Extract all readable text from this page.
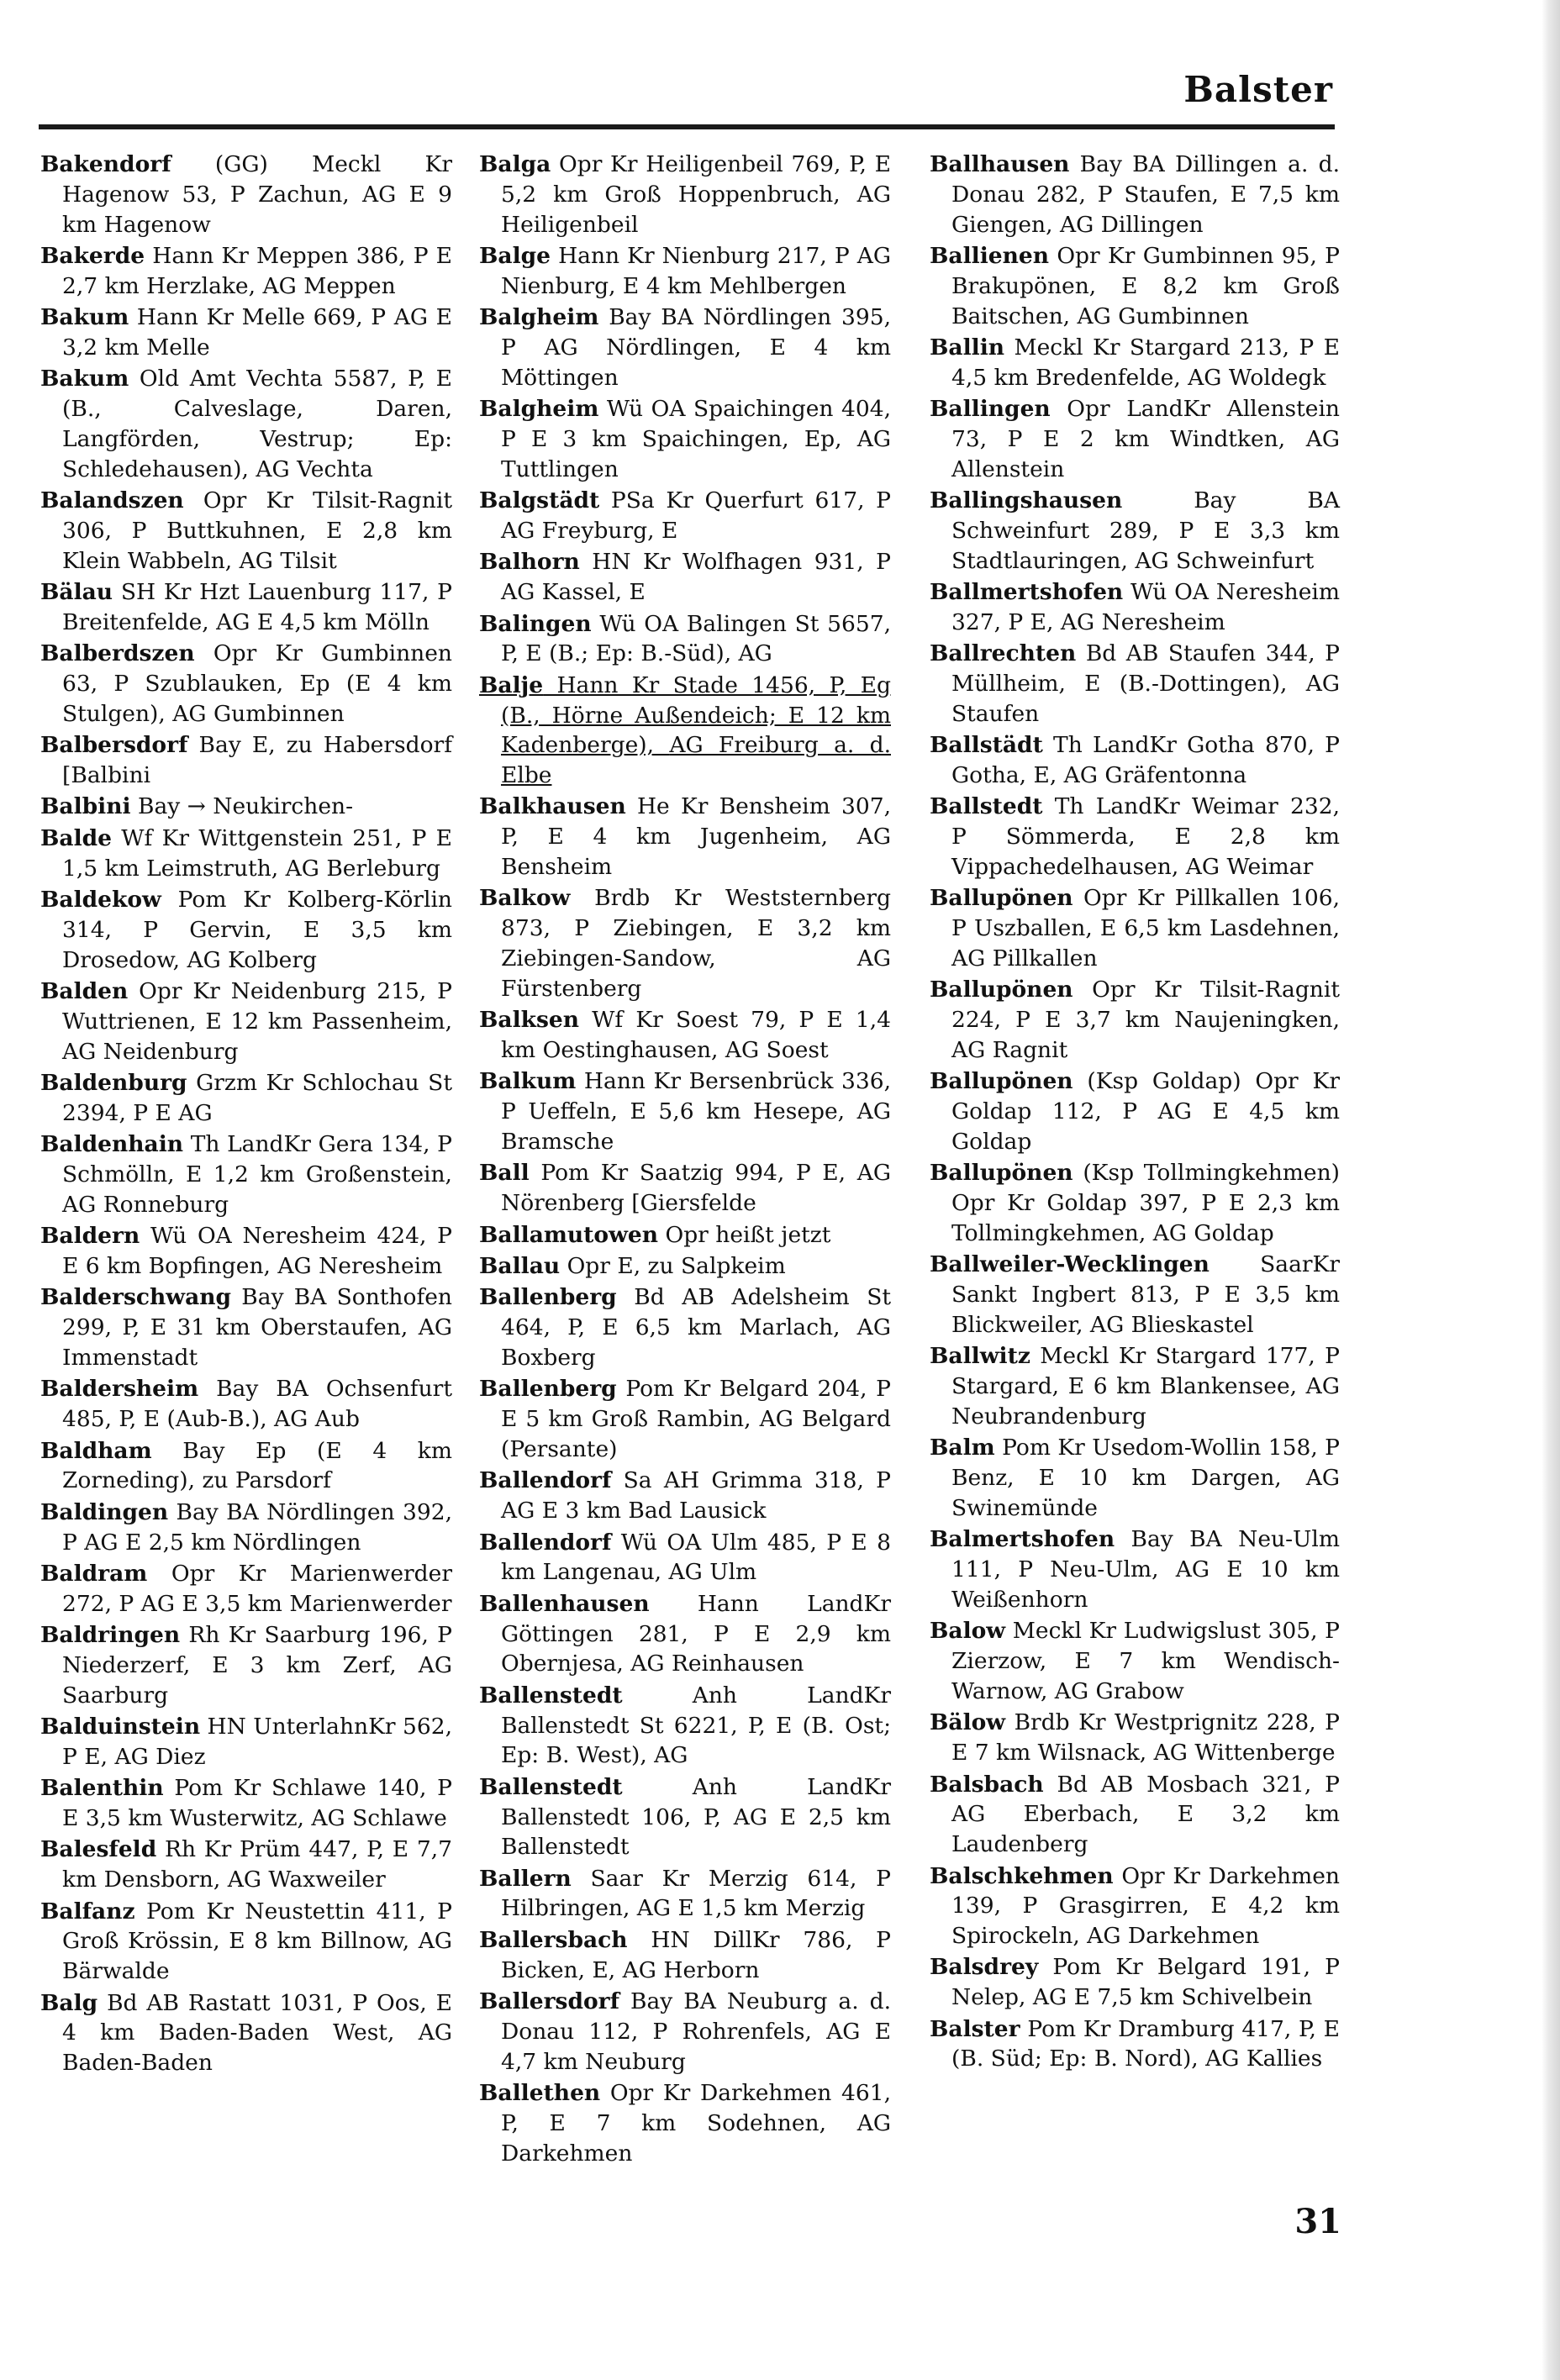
Balster

Bakendorf (GG) Meckl Kr Hagenow 53, P Zachun, AG E 9 km Hagenow

Bakerde Hann Kr Meppen 386, P E 2,7 km Herzlake, AG Meppen

Bakum Hann Kr Melle 669, P AG E 3,2 km Melle

Bakum Old Amt Vechta 5587, P, E (B., Calveslage, Daren, Langförden, Vestrup; Ep: Schledehausen), AG Vechta

Balandszen Opr Kr Tilsit-Ragnit 306, P Buttkuhnen, E 2,8 km Klein Wabbeln, AG Tilsit

Bälau SH Kr Hzt Lauenburg 117, P Breitenfelde, AG E 4,5 km Mölln

Balberdszen Opr Kr Gumbinnen 63, P Szublauken, Ep (E 4 km Stulgen), AG Gumbinnen

Balbersdorf Bay E, zu Habersdorf [Balbini

Balbini Bay → Neukirchen-

Balde Wf Kr Wittgenstein 251, P E 1,5 km Leimstruth, AG Berleburg

Baldekow Pom Kr Kolberg-Körlin 314, P Gervin, E 3,5 km Drosedow, AG Kolberg

Balden Opr Kr Neidenburg 215, P Wuttrienen, E 12 km Passenheim, AG Neidenburg

Baldenburg Grzm Kr Schlochau St 2394, P E AG

Baldenhain Th LandKr Gera 134, P Schmölln, E 1,2 km Großenstein, AG Ronneburg

Baldern Wü OA Neresheim 424, P E 6 km Bopfingen, AG Neresheim

Balderschwang Bay BA Sonthofen 299, P, E 31 km Oberstaufen, AG Immenstadt

Baldersheim Bay BA Ochsenfurt 485, P, E (Aub-B.), AG Aub

Baldham Bay Ep (E 4 km Zorneding), zu Parsdorf

Baldingen Bay BA Nördlingen 392, P AG E 2,5 km Nördlingen

Baldram Opr Kr Marienwerder 272, P AG E 3,5 km Marienwerder

Baldringen Rh Kr Saarburg 196, P Niederzerf, E 3 km Zerf, AG Saarburg

Balduinstein HN UnterlahnKr 562, P E, AG Diez

Balenthin Pom Kr Schlawe 140, P E 3,5 km Wusterwitz, AG Schlawe

Balesfeld Rh Kr Prüm 447, P, E 7,7 km Densborn, AG Waxweiler

Balfanz Pom Kr Neustettin 411, P Groß Krössin, E 8 km Billnow, AG Bärwalde

Balg Bd AB Rastatt 1031, P Oos, E 4 km Baden-Baden West, AG Baden-Baden

Balga Opr Kr Heiligenbeil 769, P, E 5,2 km Groß Hoppenbruch, AG Heiligenbeil

Balge Hann Kr Nienburg 217, P AG Nienburg, E 4 km Mehlbergen

Balgheim Bay BA Nördlingen 395, P AG Nördlingen, E 4 km Möttingen

Balgheim Wü OA Spaichingen 404, P E 3 km Spaichingen, Ep, AG Tuttlingen

Balgstädt PSa Kr Querfurt 617, P AG Freyburg, E

Balhorn HN Kr Wolfhagen 931, P AG Kassel, E

Balingen Wü OA Balingen St 5657, P, E (B.; Ep: B.-Süd), AG

Balje Hann Kr Stade 1456, P, Eg (B., Hörne Außendeich; E 12 km Kadenberge), AG Freiburg a. d. Elbe

Balkhausen He Kr Bensheim 307, P, E 4 km Jugenheim, AG Bensheim

Balkow Brdb Kr Weststernberg 873, P Ziebingen, E 3,2 km Ziebingen-Sandow, AG Fürstenberg

Balksen Wf Kr Soest 79, P E 1,4 km Oestinghausen, AG Soest

Balkum Hann Kr Bersenbrück 336, P Ueffeln, E 5,6 km Hesepe, AG Bramsche

Ball Pom Kr Saatzig 994, P E, AG Nörenberg [Giersfelde

Ballamutowen Opr heißt jetzt

Ballau Opr E, zu Salpkeim

Ballenberg Bd AB Adelsheim St 464, P, E 6,5 km Marlach, AG Boxberg

Ballenberg Pom Kr Belgard 204, P E 5 km Groß Rambin, AG Belgard (Persante)

Ballendorf Sa AH Grimma 318, P AG E 3 km Bad Lausick

Ballendorf Wü OA Ulm 485, P E 8 km Langenau, AG Ulm

Ballenhausen Hann LandKr Göttingen 281, P E 2,9 km Obernjesa, AG Reinhausen

Ballenstedt Anh LandKr Ballenstedt St 6221, P, E (B. Ost; Ep: B. West), AG

Ballenstedt Anh LandKr Ballenstedt 106, P, AG E 2,5 km Ballenstedt

Ballern Saar Kr Merzig 614, P Hilbringen, AG E 1,5 km Merzig

Ballersbach HN DillKr 786, P Bicken, E, AG Herborn

Ballersdorf Bay BA Neuburg a. d. Donau 112, P Rohrenfels, AG E 4,7 km Neuburg

Ballethen Opr Kr Darkehmen 461, P, E 7 km Sodehnen, AG Darkehmen

Ballhausen Bay BA Dillingen a. d. Donau 282, P Staufen, E 7,5 km Giengen, AG Dillingen

Ballienen Opr Kr Gumbinnen 95, P Brakupönen, E 8,2 km Groß Baitschen, AG Gumbinnen

Ballin Meckl Kr Stargard 213, P E 4,5 km Bredenfelde, AG Woldegk

Ballingen Opr LandKr Allenstein 73, P E 2 km Windtken, AG Allenstein

Ballingshausen Bay BA Schweinfurt 289, P E 3,3 km Stadtlauringen, AG Schweinfurt

Ballmertshofen Wü OA Neresheim 327, P E, AG Neresheim

Ballrechten Bd AB Staufen 344, P Müllheim, E (B.-Dottingen), AG Staufen

Ballstädt Th LandKr Gotha 870, P Gotha, E, AG Gräfentonna

Ballstedt Th LandKr Weimar 232, P Sömmerda, E 2,8 km Vippachedelhausen, AG Weimar

Ballupönen Opr Kr Pillkallen 106, P Uszballen, E 6,5 km Lasdehnen, AG Pillkallen

Ballupönen Opr Kr Tilsit-Ragnit 224, P E 3,7 km Naujeningken, AG Ragnit

Ballupönen (Ksp Goldap) Opr Kr Goldap 112, P AG E 4,5 km Goldap

Ballupönen (Ksp Tollmingkehmen) Opr Kr Goldap 397, P E 2,3 km Tollmingkehmen, AG Goldap

Ballweiler-Wecklingen SaarKr Sankt Ingbert 813, P E 3,5 km Blickweiler, AG Blieskastel

Ballwitz Meckl Kr Stargard 177, P Stargard, E 6 km Blankensee, AG Neubrandenburg

Balm Pom Kr Usedom-Wollin 158, P Benz, E 10 km Dargen, AG Swinemünde

Balmertshofen Bay BA Neu-Ulm 111, P Neu-Ulm, AG E 10 km Weißenhorn

Balow Meckl Kr Ludwigslust 305, P Zierzow, E 7 km Wendisch-Warnow, AG Grabow

Bälow Brdb Kr Westprignitz 228, P E 7 km Wilsnack, AG Wittenberge

Balsbach Bd AB Mosbach 321, P AG Eberbach, E 3,2 km Laudenberg

Balschkehmen Opr Kr Darkehmen 139, P Grasgirren, E 4,2 km Spirockeln, AG Darkehmen

Balsdrey Pom Kr Belgard 191, P Nelep, AG E 7,5 km Schivelbein

Balster Pom Kr Dramburg 417, P, E (B. Süd; Ep: B. Nord), AG Kallies

31
